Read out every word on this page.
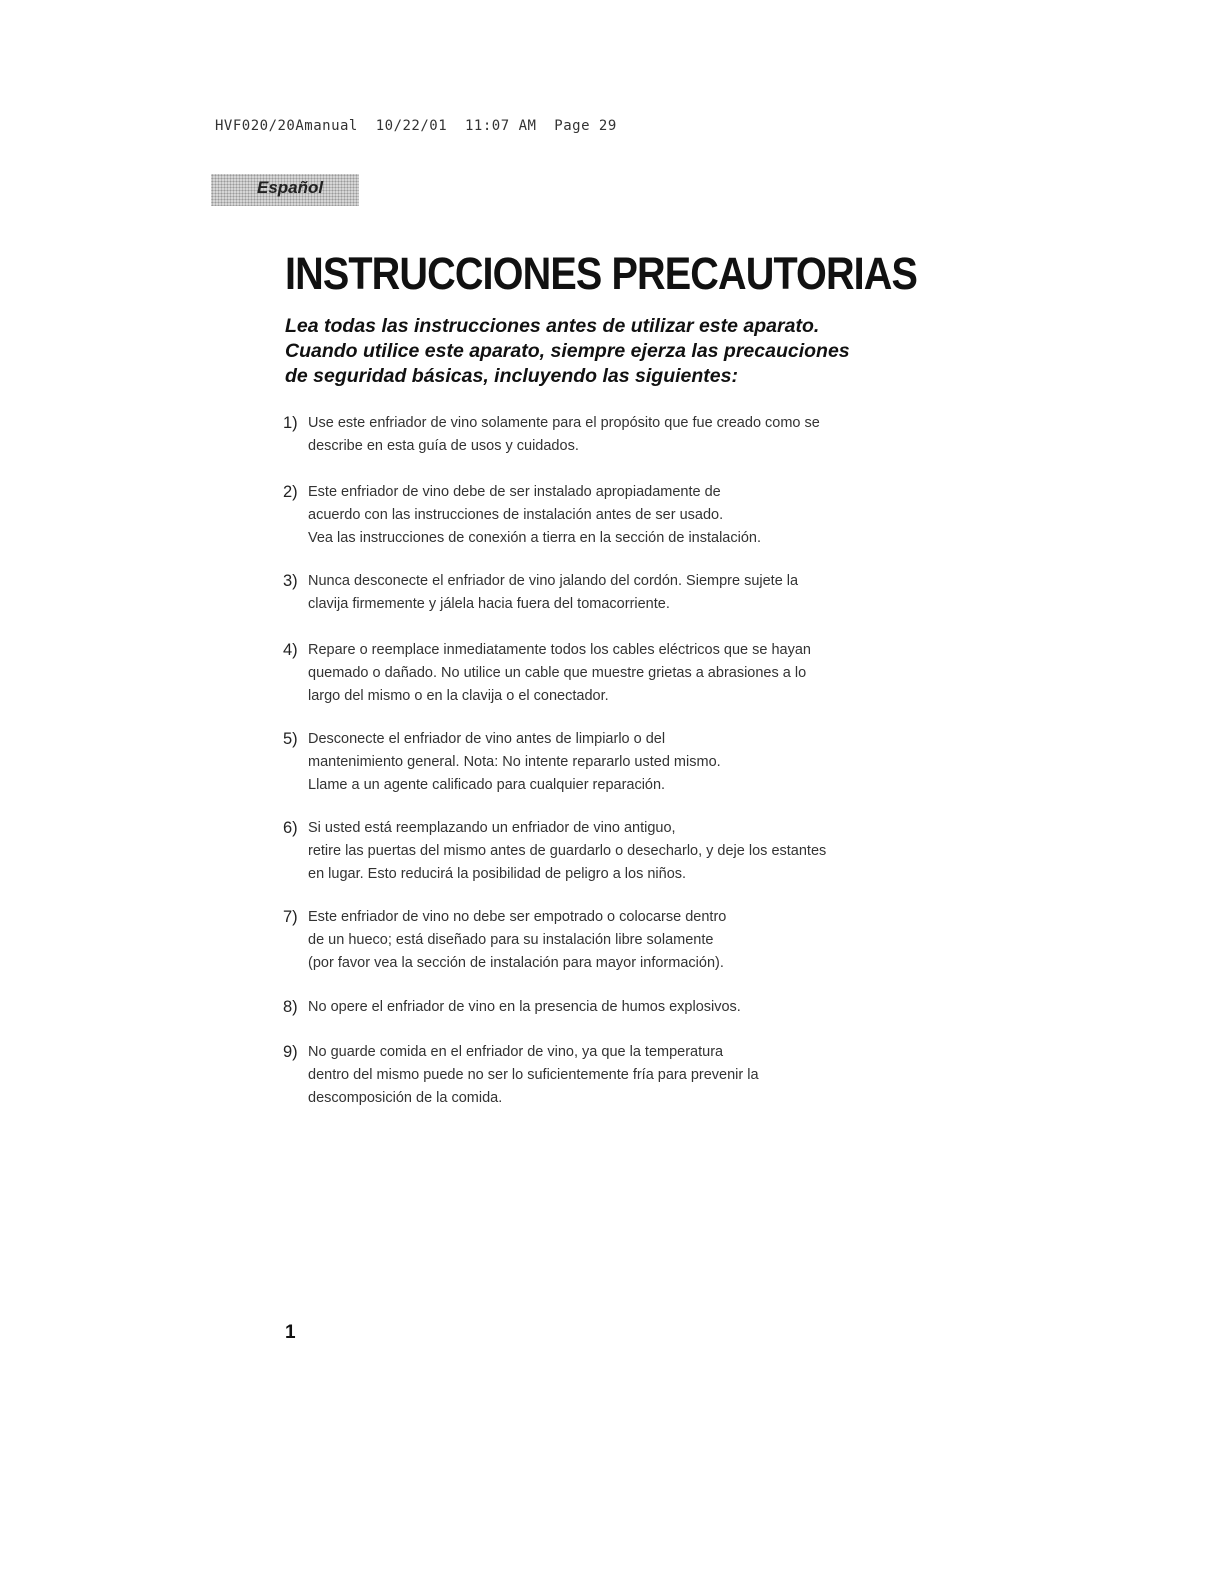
HVF020/20Amanual  10/22/01  11:07 AM  Page 29
Español
INSTRUCCIONES PRECAUTORIAS
Lea todas las instrucciones antes de utilizar este aparato.
Cuando utilice este aparato, siempre ejerza las precauciones
de seguridad básicas, incluyendo las siguientes:
1) Use este enfriador de vino solamente para el propósito que fue creado como se
describe en esta guía de usos y cuidados.
2) Este enfriador de vino debe de ser instalado apropiadamente de
acuerdo con las instrucciones de instalación antes de ser usado.
Vea las instrucciones de conexión a tierra en la sección de instalación.
3) Nunca desconecte el enfriador de vino jalando del cordón. Siempre sujete la
clavija firmemente y jálela hacia fuera del tomacorriente.
4) Repare o reemplace inmediatamente todos los cables eléctricos que se hayan
quemado o dañado. No utilice un cable que muestre grietas a abrasiones a lo
largo del mismo o en la clavija o el conectador.
5) Desconecte el enfriador de vino antes de limpiarlo o del
mantenimiento general. Nota: No intente repararlo usted mismo.
Llame a un agente calificado para cualquier reparación.
6) Si usted está reemplazando un enfriador de vino antiguo,
retire las puertas del mismo antes de guardarlo o desecharlo, y deje los estantes
en lugar. Esto reducirá la posibilidad de peligro a los niños.
7) Este enfriador de vino no debe ser empotrado o colocarse dentro
de un hueco; está diseñado para su instalación libre solamente
(por favor vea la sección de instalación para mayor información).
8) No opere el enfriador de vino en la presencia de humos explosivos.
9) No guarde comida en el enfriador de vino, ya que la temperatura
dentro del mismo puede no ser lo suficientemente fría para prevenir la
descomposición de la comida.
1
